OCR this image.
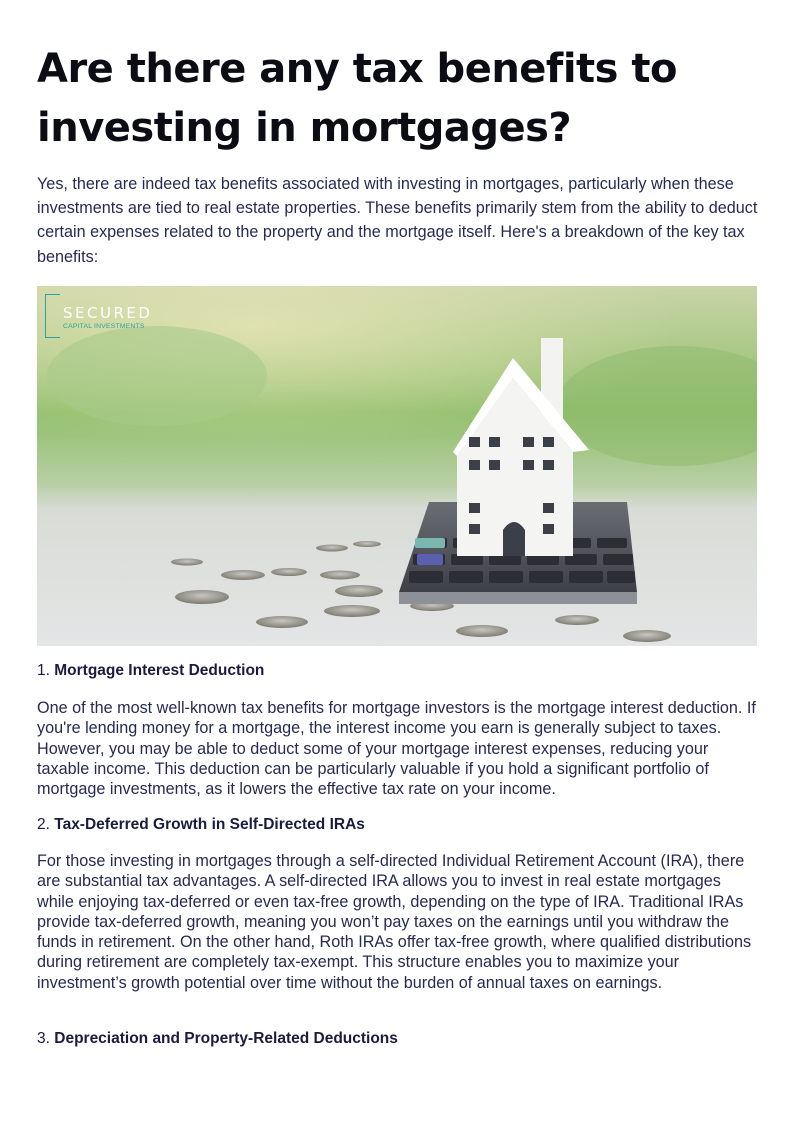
Are there any tax benefits to investing in mortgages?

Yes, there are indeed tax benefits associated with investing in mortgages, particularly when these investments are tied to real estate properties. These benefits primarily stem from the ability to deduct certain expenses related to the property and the mortgage itself. Here's a breakdown of the key tax benefits:

SECURED
CAPITAL INVESTMENTS
1. Mortgage Interest Deduction

One of the most well-known tax benefits for mortgage investors is the mortgage interest deduction. If you're lending money for a mortgage, the interest income you earn is generally subject to taxes. However, you may be able to deduct some of your mortgage interest expenses, reducing your taxable income. This deduction can be particularly valuable if you hold a significant portfolio of mortgage investments, as it lowers the effective tax rate on your income.

2. Tax-Deferred Growth in Self-Directed IRAs

For those investing in mortgages through a self-directed Individual Retirement Account (IRA), there are substantial tax advantages. A self-directed IRA allows you to invest in real estate mortgages while enjoying tax-deferred or even tax-free growth, depending on the type of IRA. Traditional IRAs provide tax-deferred growth, meaning you won’t pay taxes on the earnings until you withdraw the funds in retirement. On the other hand, Roth IRAs offer tax-free growth, where qualified distributions during retirement are completely tax-exempt. This structure enables you to maximize your investment’s growth potential over time without the burden of annual taxes on earnings.

3. Depreciation and Property-Related Deductions
